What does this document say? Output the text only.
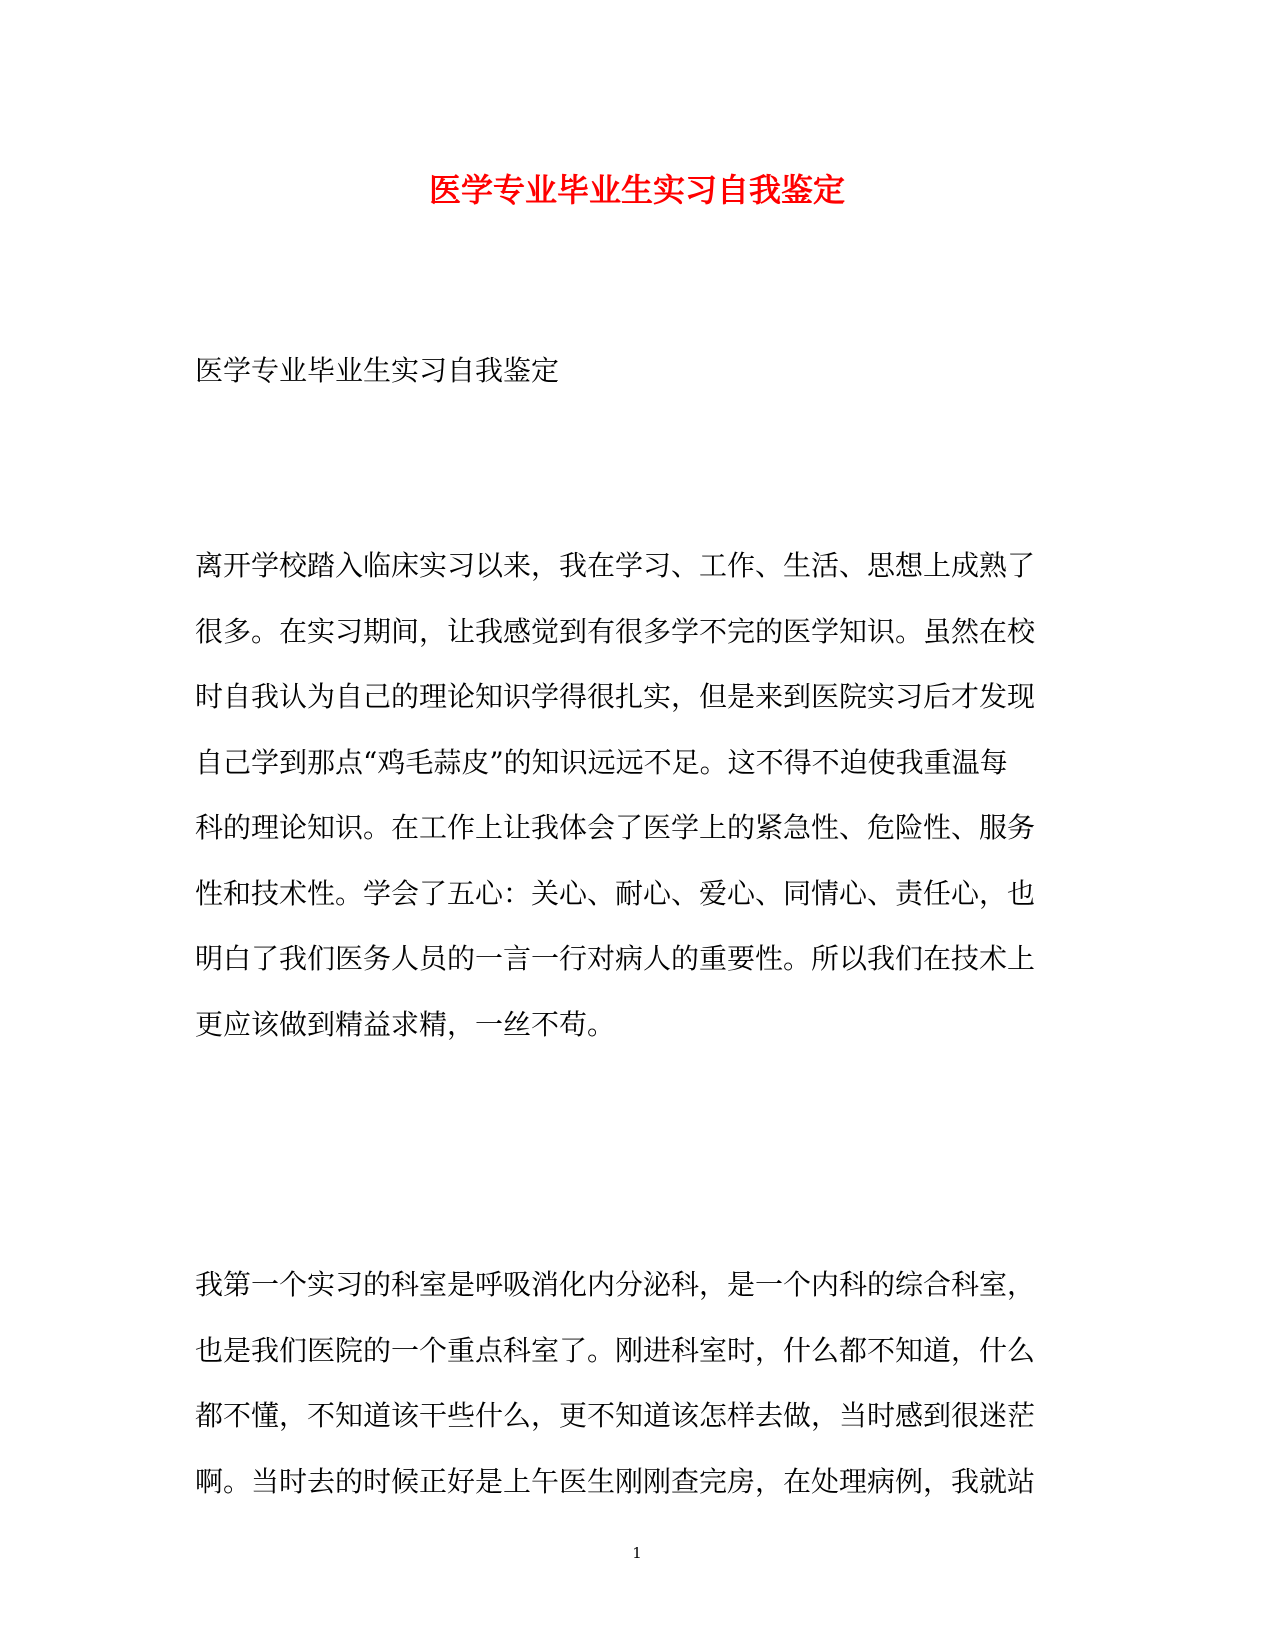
医学专业毕业生实习自我鉴定

医学专业毕业生实习自我鉴定

离开学校踏入临床实习以来，我在学习、工作、生活、思想上成熟了
很多。在实习期间，让我感觉到有很多学不完的医学知识。虽然在校
时自我认为自己的理论知识学得很扎实，但是来到医院实习后才发现
自己学到那点“鸡毛蒜皮”的知识远远不足。这不得不迫使我重温每
科的理论知识。在工作上让我体会了医学上的紧急性、危险性、服务
性和技术性。学会了五心：关心、耐心、爱心、同情心、责任心，也
明白了我们医务人员的一言一行对病人的重要性。所以我们在技术上
更应该做到精益求精，一丝不苟。
我第一个实习的科室是呼吸消化内分泌科，是一个内科的综合科室，
也是我们医院的一个重点科室了。刚进科室时，什么都不知道，什么
都不懂，不知道该干些什么，更不知道该怎样去做，当时感到很迷茫
啊。当时去的时候正好是上午医生刚刚查完房，在处理病例，我就站

1
